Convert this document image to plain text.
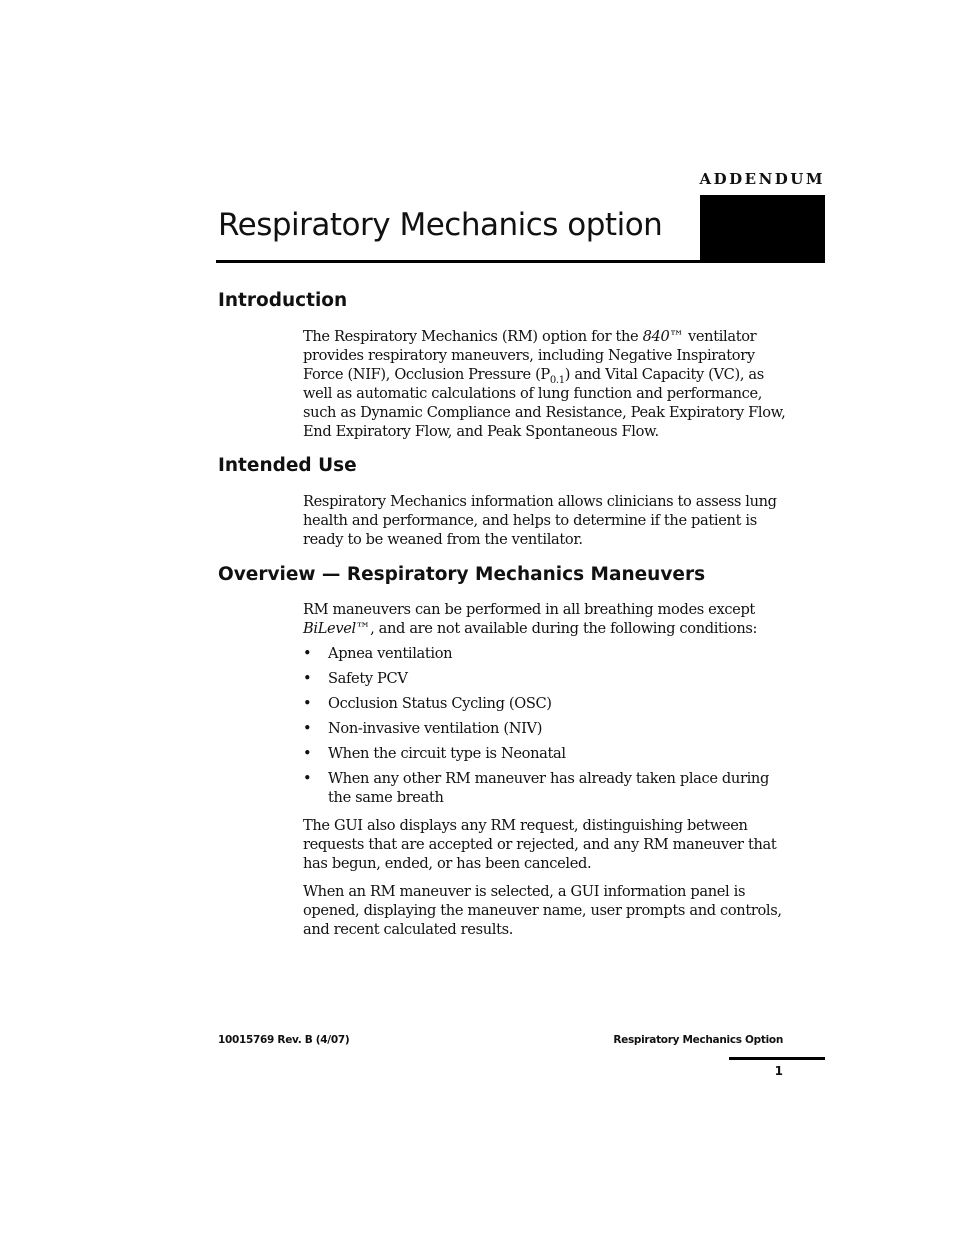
ADDENDUM
Respiratory Mechanics option
Introduction

The Respiratory Mechanics (RM) option for the 840™ ventilator provides respiratory maneuvers, including Negative Inspiratory Force (NIF), Occlusion Pressure $(P_{0.1})$ and Vital Capacity (VC), as well as automatic calculations of lung function and performance, such as Dynamic Compliance and Resistance, Peak Expiratory Flow, End Expiratory Flow, and Peak Spontaneous Flow.

Intended Use

Respiratory Mechanics information allows clinicians to assess lung health and performance, and helps to determine if the patient is ready to be weaned from the ventilator.

Overview — Respiratory Mechanics Maneuvers

RM maneuvers can be performed in all breathing modes except BiLevel™, and are not available during the following conditions:

• Apnea ventilation
• Safety PCV
• Occlusion Status Cycling (OSC)
• Non-invasive ventilation (NIV)
• When the circuit type is Neonatal
• When any other RM maneuver has already taken place during the same breath

The GUI also displays any RM request, distinguishing between requests that are accepted or rejected, and any RM maneuver that has begun, ended, or has been canceled.

When an RM maneuver is selected, a GUI information panel is opened, displaying the maneuver name, user prompts and controls, and recent calculated results.

10015769 Rev. B (4/07)	Respiratory Mechanics Option
1
